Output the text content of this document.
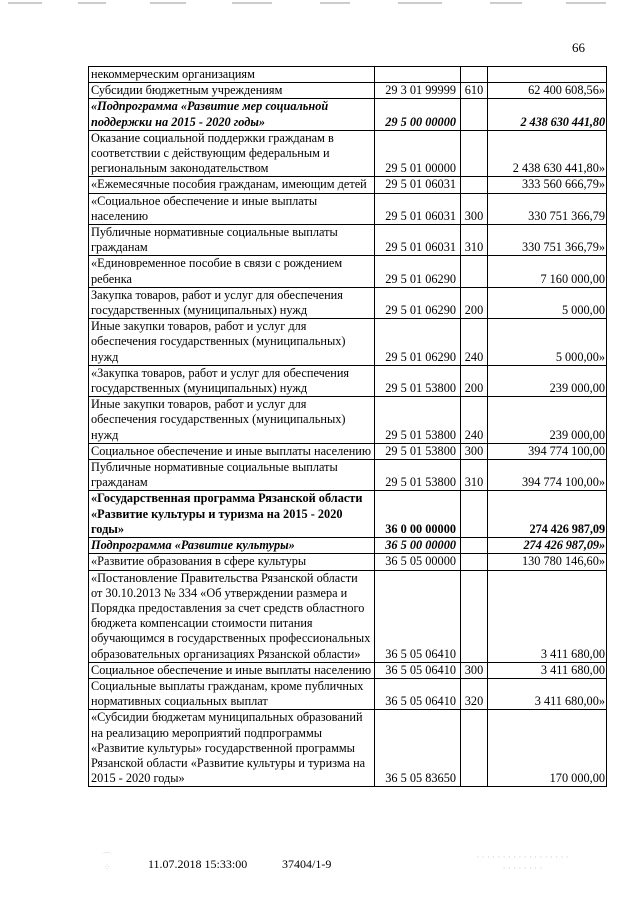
66
некоммерческим организациям			
Субсидии бюджетным учреждениям	29 3 01 99999	610	62 400 608,56»
«Подпрограмма «Развитие мер социальной поддержки на 2015 - 2020 годы»	29 5 00 00000		2 438 630 441,80
Оказание социальной поддержки гражданам в соответствии с действующим федеральным и региональным законодательством	29 5 01 00000		2 438 630 441,80»
«Ежемесячные пособия гражданам, имеющим детей	29 5 01 06031		333 560 666,79»
«Социальное обеспечение и иные выплаты населению	29 5 01 06031	300	330 751 366,79
Публичные нормативные социальные выплаты гражданам	29 5 01 06031	310	330 751 366,79»
«Единовременное пособие в связи с рождением ребенка	29 5 01 06290		7 160 000,00
Закупка товаров, работ и услуг для обеспечения государственных (муниципальных) нужд	29 5 01 06290	200	5 000,00
Иные закупки товаров, работ и услуг для обеспечения государственных (муниципальных) нужд	29 5 01 06290	240	5 000,00»
«Закупка товаров, работ и услуг для обеспечения государственных (муниципальных) нужд	29 5 01 53800	200	239 000,00
Иные закупки товаров, работ и услуг для обеспечения государственных (муниципальных) нужд	29 5 01 53800	240	239 000,00
Социальное обеспечение и иные выплаты населению	29 5 01 53800	300	394 774 100,00
Публичные нормативные социальные выплаты гражданам	29 5 01 53800	310	394 774 100,00»
«Государственная программа Рязанской области «Развитие культуры и туризма на 2015 - 2020 годы»	36 0 00 00000		274 426 987,09
Подпрограмма «Развитие культуры»	36 5 00 00000		274 426 987,09»
«Развитие образования в сфере культуры	36 5 05 00000		130 780 146,60»
«Постановление Правительства Рязанской области от 30.10.2013 № 334 «Об утверждении размера и Порядка предоставления за счет средств областного бюджета компенсации стоимости питания обучающимся в государственных профессиональных образовательных организациях Рязанской области»	36 5 05 06410		3 411 680,00
Социальное обеспечение и иные выплаты населению	36 5 05 06410	300	3 411 680,00
Социальные выплаты гражданам, кроме публичных нормативных социальных выплат	36 5 05 06410	320	3 411 680,00»
«Субсидии бюджетам муниципальных образований на реализацию мероприятий подпрограммы «Развитие культуры» государственной программы Рязанской области «Развитие культуры и туризма на 2015 - 2020 годы»	36 5 05 83650		170 000,00
⌒
⁘	11.07.2018 15:33:00	37404/1-9	· · · · · · · · · · · · · · · · · ·
· · · · · · · ·
